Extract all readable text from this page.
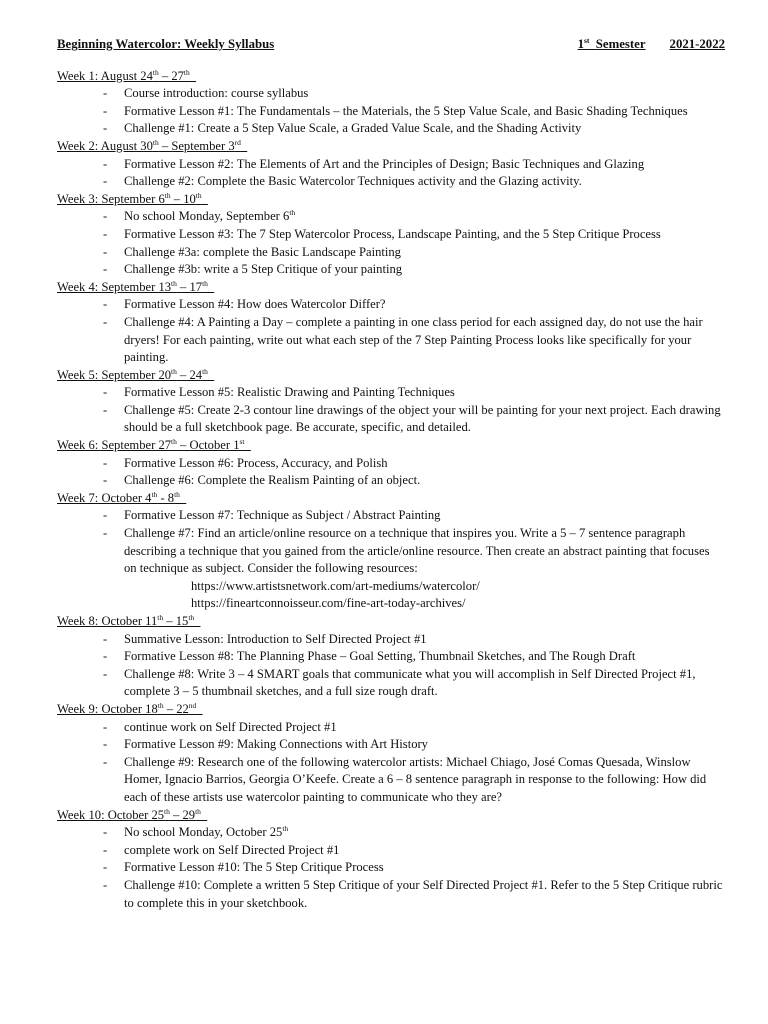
Beginning Watercolor: Weekly Syllabus	1st Semester 2021-2022
Week 1: August 24th – 27th
- Course introduction: course syllabus
- Formative Lesson #1: The Fundamentals – the Materials, the 5 Step Value Scale, and Basic Shading Techniques
- Challenge #1: Create a 5 Step Value Scale, a Graded Value Scale, and the Shading Activity
Week 2: August 30th – September 3rd
- Formative Lesson #2: The Elements of Art and the Principles of Design; Basic Techniques and Glazing
- Challenge #2: Complete the Basic Watercolor Techniques activity and the Glazing activity.
Week 3: September 6th – 10th
- No school Monday, September 6th
- Formative Lesson #3: The 7 Step Watercolor Process, Landscape Painting, and the 5 Step Critique Process
- Challenge #3a: complete the Basic Landscape Painting
- Challenge #3b: write a 5 Step Critique of your painting
Week 4: September 13th – 17th
- Formative Lesson #4: How does Watercolor Differ?
- Challenge #4: A Painting a Day – complete a painting in one class period for each assigned day, do not use the hair dryers! For each painting, write out what each step of the 7 Step Painting Process looks like specifically for your painting.
Week 5: September 20th – 24th
- Formative Lesson #5: Realistic Drawing and Painting Techniques
- Challenge #5: Create 2-3 contour line drawings of the object your will be painting for your next project. Each drawing should be a full sketchbook page. Be accurate, specific, and detailed.
Week 6: September 27th – October 1st
- Formative Lesson #6: Process, Accuracy, and Polish
- Challenge #6: Complete the Realism Painting of an object.
Week 7: October 4th - 8th
- Formative Lesson #7: Technique as Subject / Abstract Painting
- Challenge #7: Find an article/online resource on a technique that inspires you. Write a 5 – 7 sentence paragraph describing a technique that you gained from the article/online resource. Then create an abstract painting that focuses on technique as subject. Consider the following resources:
https://www.artistsnetwork.com/art-mediums/watercolor/
https://fineartconnoisseur.com/fine-art-today-archives/
Week 8: October 11th – 15th
- Summative Lesson: Introduction to Self Directed Project #1
- Formative Lesson #8: The Planning Phase – Goal Setting, Thumbnail Sketches, and The Rough Draft
- Challenge #8: Write 3 – 4 SMART goals that communicate what you will accomplish in Self Directed Project #1, complete 3 – 5 thumbnail sketches, and a full size rough draft.
Week 9: October 18th – 22nd
- continue work on Self Directed Project #1
- Formative Lesson #9: Making Connections with Art History
- Challenge #9: Research one of the following watercolor artists: Michael Chiago, José Comas Quesada, Winslow Homer, Ignacio Barrios, Georgia O’Keefe. Create a 6 – 8 sentence paragraph in response to the following: How did each of these artists use watercolor painting to communicate who they are?
Week 10: October 25th – 29th
- No school Monday, October 25th
- complete work on Self Directed Project #1
- Formative Lesson #10: The 5 Step Critique Process
- Challenge #10: Complete a written 5 Step Critique of your Self Directed Project #1. Refer to the 5 Step Critique rubric to complete this in your sketchbook.
